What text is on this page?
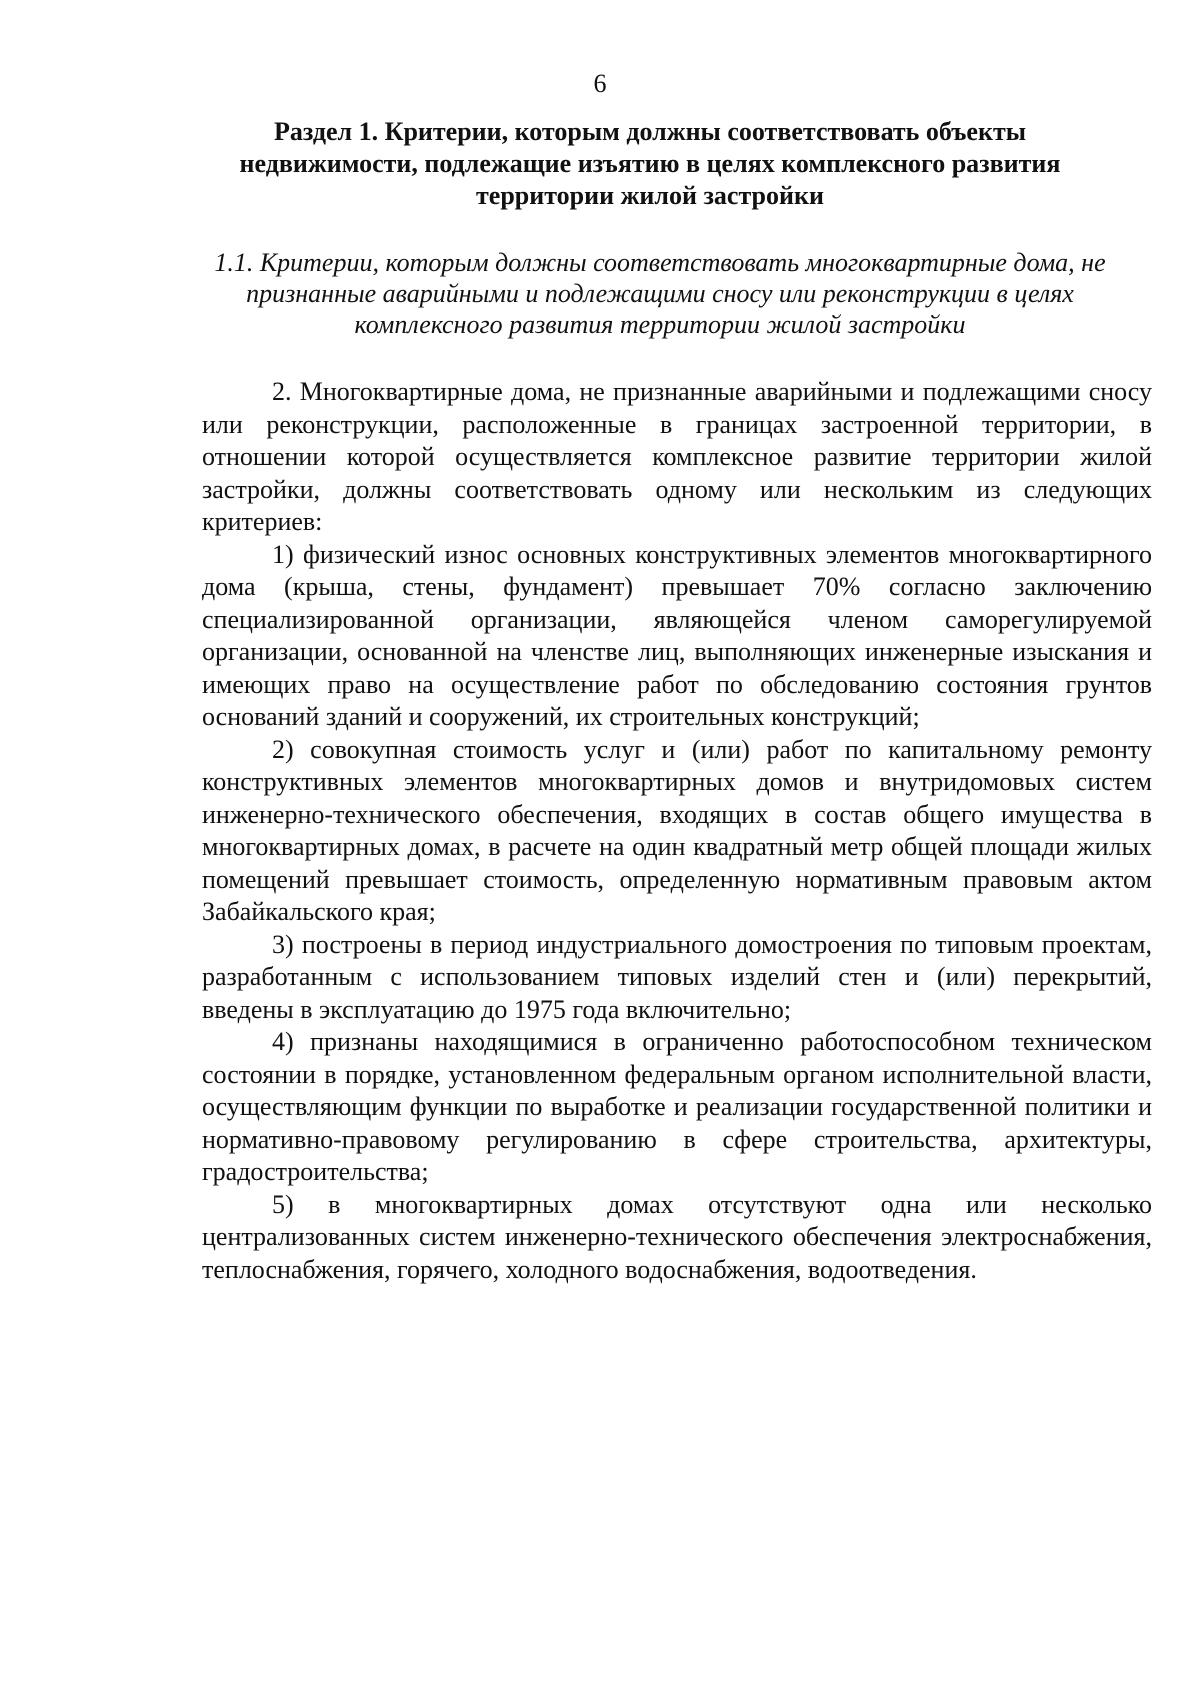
6
Раздел 1. Критерии, которым должны соответствовать объекты недвижимости, подлежащие изъятию в целях комплексного развития территории жилой застройки
1.1. Критерии, которым должны соответствовать многоквартирные дома, не признанные аварийными и подлежащими сносу или реконструкции в целях комплексного развития территории жилой застройки

2. Многоквартирные дома, не признанные аварийными и подлежащими сносу или реконструкции, расположенные в границах застроенной территории, в отношении которой осуществляется комплексное развитие территории жилой застройки, должны соответствовать одному или нескольким из следующих критериев:

1) физический износ основных конструктивных элементов многоквартирного дома (крыша, стены, фундамент) превышает 70% согласно заключению специализированной организации, являющейся членом саморегулируемой организации, основанной на членстве лиц, выполняющих инженерные изыскания и имеющих право на осуществление работ по обследованию состояния грунтов оснований зданий и сооружений, их строительных конструкций;

2) совокупная стоимость услуг и (или) работ по капитальному ремонту конструктивных элементов многоквартирных домов и внутридомовых систем инженерно-технического обеспечения, входящих в состав общего имущества в многоквартирных домах, в расчете на один квадратный метр общей площади жилых помещений превышает стоимость, определенную нормативным правовым актом Забайкальского края;

3) построены в период индустриального домостроения по типовым проектам, разработанным с использованием типовых изделий стен и (или) перекрытий, введены в эксплуатацию до 1975 года включительно;

4) признаны находящимися в ограниченно работоспособном техническом состоянии в порядке, установленном федеральным органом исполнительной власти, осуществляющим функции по выработке и реализации государственной политики и нормативно-правовому регулированию в сфере строительства, архитектуры, градостроительства;

5) в многоквартирных домах отсутствуют одна или несколько централизованных систем инженерно-технического обеспечения электроснабжения, теплоснабжения, горячего, холодного водоснабжения, водоотведения.
